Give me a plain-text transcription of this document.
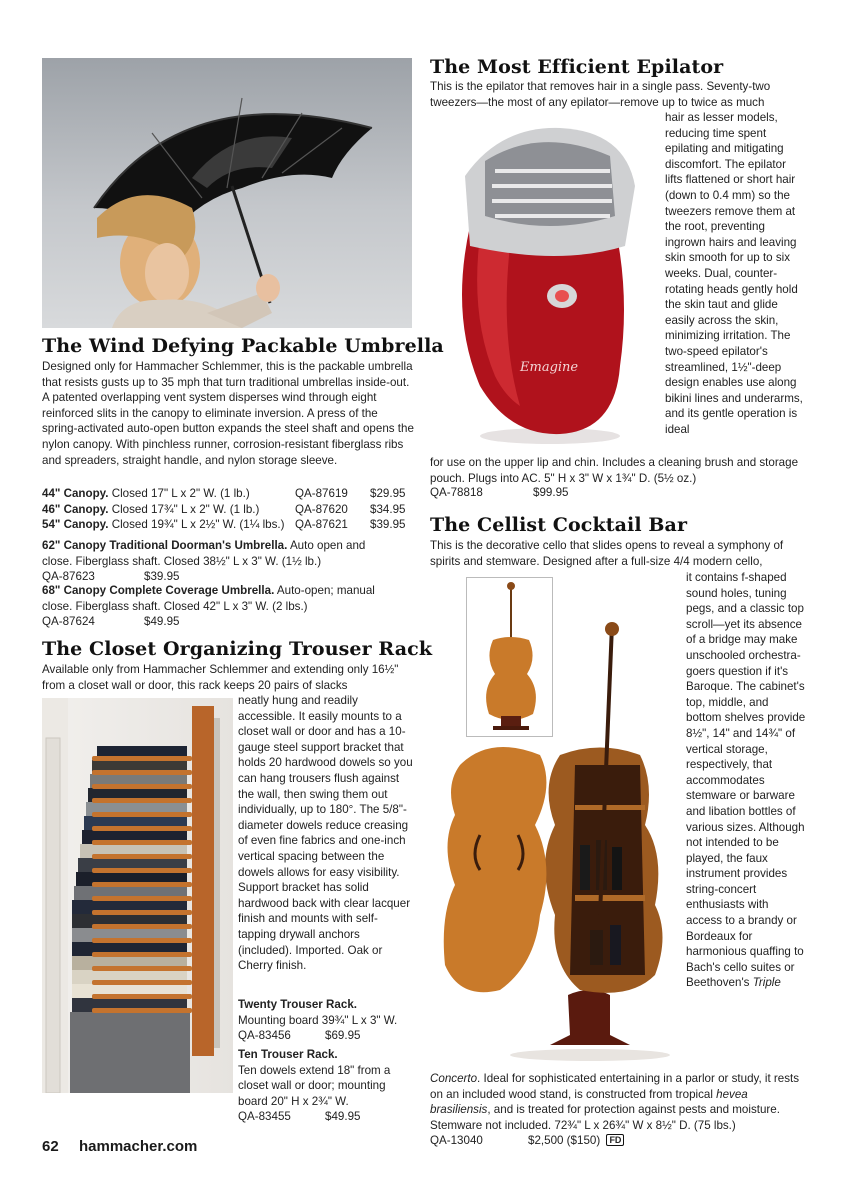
The Wind Defying Packable Umbrella

Designed only for Hammacher Schlemmer, this is the packable umbrella that resists gusts up to 35 mph that turn traditional umbrellas inside-out. A patented overlapping vent system disperses wind through eight reinforced slits in the canopy to eliminate inversion. A press of the spring-activated auto-open button expands the steel shaft and opens the nylon canopy. With pinchless runner, corrosion-resistant fiberglass ribs and spreaders, straight handle, and nylon storage sleeve.

44" Canopy. Closed 17" L x 2" W. (1 lb.)	QA-87619 $29.95
46" Canopy. Closed 17¾" L x 2" W. (1 lb.)	QA-87620 $34.95
54" Canopy. Closed 19¾" L x 2½" W. (1¼ lbs.) QA-87621 $39.95

62" Canopy Traditional Doorman's Umbrella. Auto open and close. Fiberglass shaft. Closed 38½" L x 3" W. (1½ lb.)

QA-87623	$39.95

68" Canopy Complete Coverage Umbrella. Auto-open; manual close. Fiberglass shaft. Closed 42" L x 3" W. (2 lbs.)

QA-87624	$49.95

The Closet Organizing Trouser Rack
Available only from Hammacher Schlemmer and extending only 16½" from a closet wall or door, this rack keeps 20 pairs of slacks
neatly hung and readily accessible. It easily mounts to a closet wall or door and has a 10-gauge steel support bracket that holds 20 hardwood dowels so you can hang trousers flush against the wall, then swing them out individually, up to 180°. The 5/8"-diameter dowels reduce creasing of even fine fabrics and one-inch vertical spacing between the dowels allows for easy visibility. Support bracket has solid hardwood back with clear lacquer finish and mounts with self-tapping drywall anchors (included). Imported. Oak or Cherry finish.

Twenty Trouser Rack.

Mounting board 39¾" L x 3" W.

QA-83456	$69.95

Ten Trouser Rack.

Ten dowels extend 18" from a closet wall or door; mounting board 20" H x 2¾" W.

QA-83455	$49.95

62 hammacher.com
The Most Efficient Epilator
This is the epilator that removes hair in a single pass. Seventy-two tweezers—the most of any epilator—remove up to twice as much
Emagine
hair as lesser models, reducing time spent epilating and mitigating discomfort. The epilator lifts flattened or short hair (down to 0.4 mm) so the tweezers remove them at the root, preventing ingrown hairs and leaving skin smooth for up to six weeks. Dual, counter-rotating heads gently hold the skin taut and glide easily across the skin, minimizing irritation. The two-speed epilator's streamlined, 1½"-deep design enables use along bikini lines and underarms, and its gentle operation is ideal
for use on the upper lip and chin. Includes a cleaning brush and storage pouch. Plugs into AC. 5" H x 3" W x 1¾" D. (5½ oz.)
QA-78818	$99.95
The Cellist Cocktail Bar
This is the decorative cello that slides opens to reveal a symphony of spirits and stemware. Designed after a full-size 4/4 modern cello,
it contains f-shaped sound holes, tuning pegs, and a classic top scroll—yet its absence of a bridge may make unschooled orchestra-goers question if it's Baroque. The cabinet's top, middle, and bottom shelves provide 8½", 14" and 14¾" of vertical storage, respectively, that accommodates stemware or barware and libation bottles of various sizes. Although not intended to be played, the faux instrument provides string-concert enthusiasts with access to a brandy or Bordeaux for harmonious quaffing to Bach's cello suites or Beethoven's Triple
Concerto. Ideal for sophisticated entertaining in a parlor or study, it rests on an included wood stand, is constructed from tropical hevea brasiliensis, and is treated for protection against pests and moisture. Stemware not included. 72¾" L x 26¾" W x 8½" D. (75 lbs.)
QA-13040	$2,500 ($150) FD
